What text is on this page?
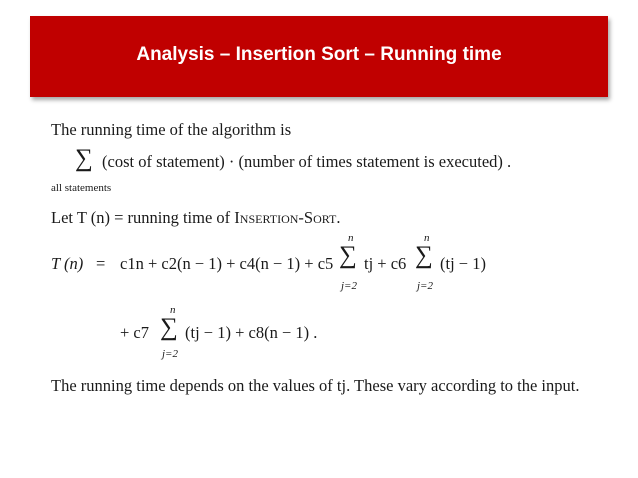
Analysis – Insertion Sort – Running time
The running time of the algorithm is
∑ (cost of statement) · (number of times statement is executed) .
all statements
Let T (n) = running time of Insertion-Sort.
T (n) = c1n + c2(n − 1) + c4(n − 1) + c5
n
∑
j=2
tj + c6
n
∑
j=2
(tj − 1)
n
+ c7 ∑
j=2
(tj − 1) + c8(n − 1) .
The running time depends on the values of tj. These vary according to the input.
